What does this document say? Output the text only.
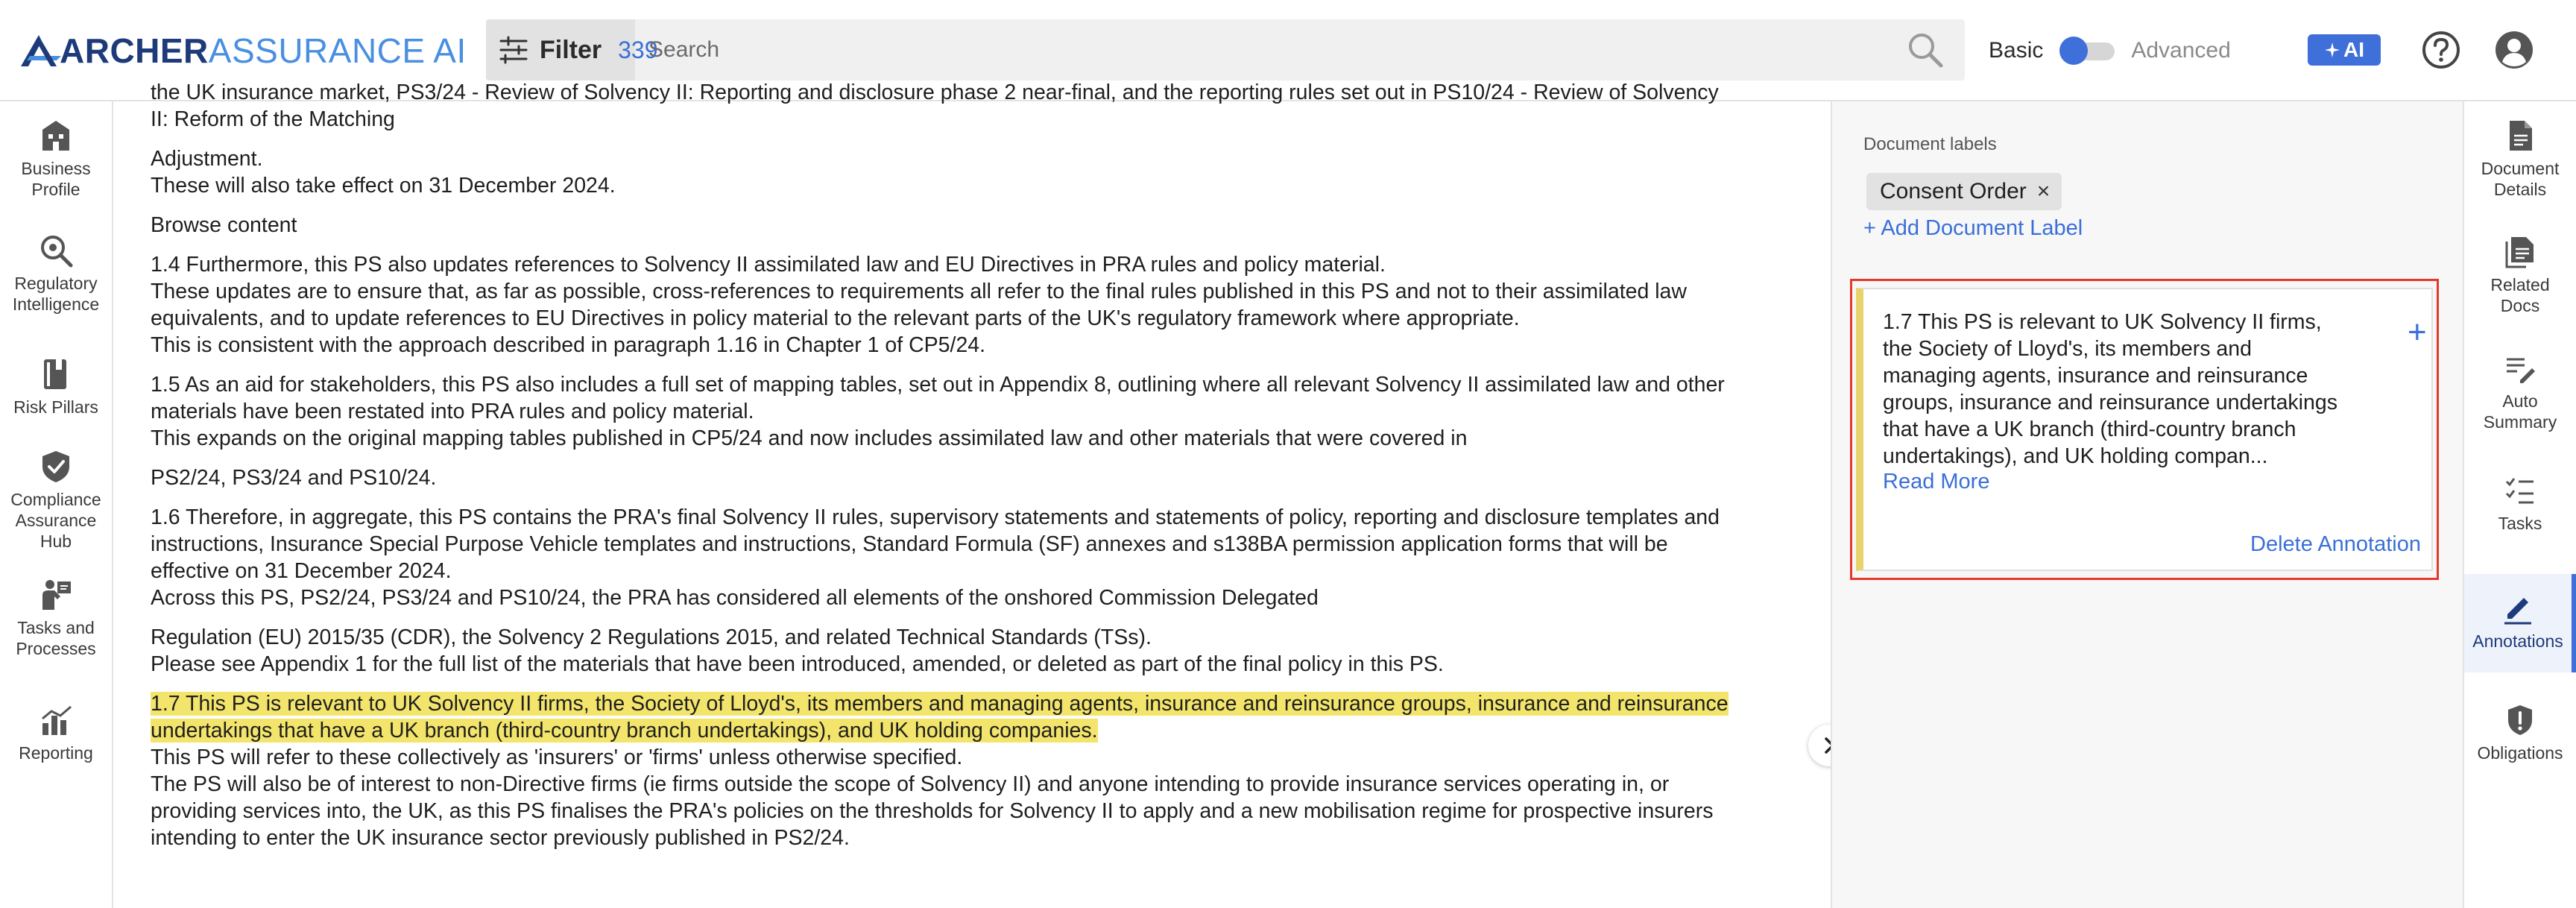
ARCHERASSURANCE AI	Filter 339
Search	Basic	Advanced	AI
Business
Profile
Regulatory
Intelligence
Risk Pillars
Compliance
Assurance
Hub
Tasks and
Processes
Reporting

the UK insurance market, PS3/24 - Review of Solvency II: Reporting and disclosure phase 2 near-final, and the reporting rules set out in PS10/24 - Review of Solvency
II: Reform of the Matching

Adjustment.
These will also take effect on 31 December 2024.

Browse content

1.4 Furthermore, this PS also updates references to Solvency II assimilated law and EU Directives in PRA rules and policy material.
These updates are to ensure that, as far as possible, cross-references to requirements all refer to the final rules published in this PS and not to their assimilated law
equivalents, and to update references to EU Directives in policy material to the relevant parts of the UK's regulatory framework where appropriate.
This is consistent with the approach described in paragraph 1.16 in Chapter 1 of CP5/24.

1.5 As an aid for stakeholders, this PS also includes a full set of mapping tables, set out in Appendix 8, outlining where all relevant Solvency II assimilated law and other
materials have been restated into PRA rules and policy material.
This expands on the original mapping tables published in CP5/24 and now includes assimilated law and other materials that were covered in

PS2/24, PS3/24 and PS10/24.

1.6 Therefore, in aggregate, this PS contains the PRA's final Solvency II rules, supervisory statements and statements of policy, reporting and disclosure templates and
instructions, Insurance Special Purpose Vehicle templates and instructions, Standard Formula (SF) annexes and s138BA permission application forms that will be
effective on 31 December 2024.
Across this PS, PS2/24, PS3/24 and PS10/24, the PRA has considered all elements of the onshored Commission Delegated

Regulation (EU) 2015/35 (CDR), the Solvency 2 Regulations 2015, and related Technical Standards (TSs).
Please see Appendix 1 for the full list of the materials that have been introduced, amended, or deleted as part of the final policy in this PS.

1.7 This PS is relevant to UK Solvency II firms, the Society of Lloyd's, its members and managing agents, insurance and reinsurance groups, insurance and reinsurance
undertakings that have a UK branch (third-country branch undertakings), and UK holding companies.
This PS will refer to these collectively as 'insurers' or 'firms' unless otherwise specified.
The PS will also be of interest to non-Directive firms (ie firms outside the scope of Solvency II) and anyone intending to provide insurance services operating in, or
providing services into, the UK, as this PS finalises the PRA's policies on the thresholds for Solvency II to apply and a new mobilisation regime for prospective insurers
intending to enter the UK insurance sector previously published in PS2/24.

Document labels
Consent Order ×
+ Add Document Label
1.7 This PS is relevant to UK Solvency II firms,
the Society of Lloyd's, its members and
managing agents, insurance and reinsurance
groups, insurance and reinsurance undertakings
that have a UK branch (third-country branch
undertakings), and UK holding compan...
+
Read More
Delete Annotation
Document
Details
Related
Docs
Auto
Summary
Tasks
Annotations
Obligations
